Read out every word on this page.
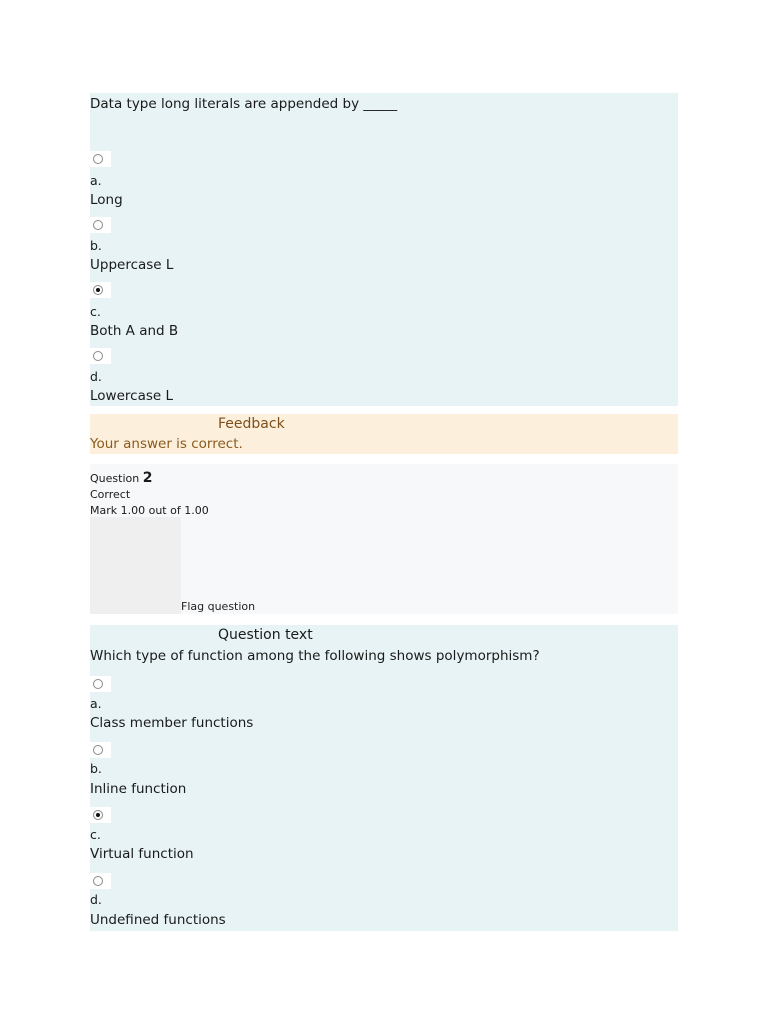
Data type long literals are appended by _____
a.
Long
b.
Uppercase L
c.
Both A and B
d.
Lowercase L
Feedback
Your answer is correct.
Question 2
Correct
Mark 1.00 out of 1.00
Flag question
Question text
Which type of function among the following shows polymorphism?
a.
Class member functions
b.
Inline function
c.
Virtual function
d.
Undefined functions
